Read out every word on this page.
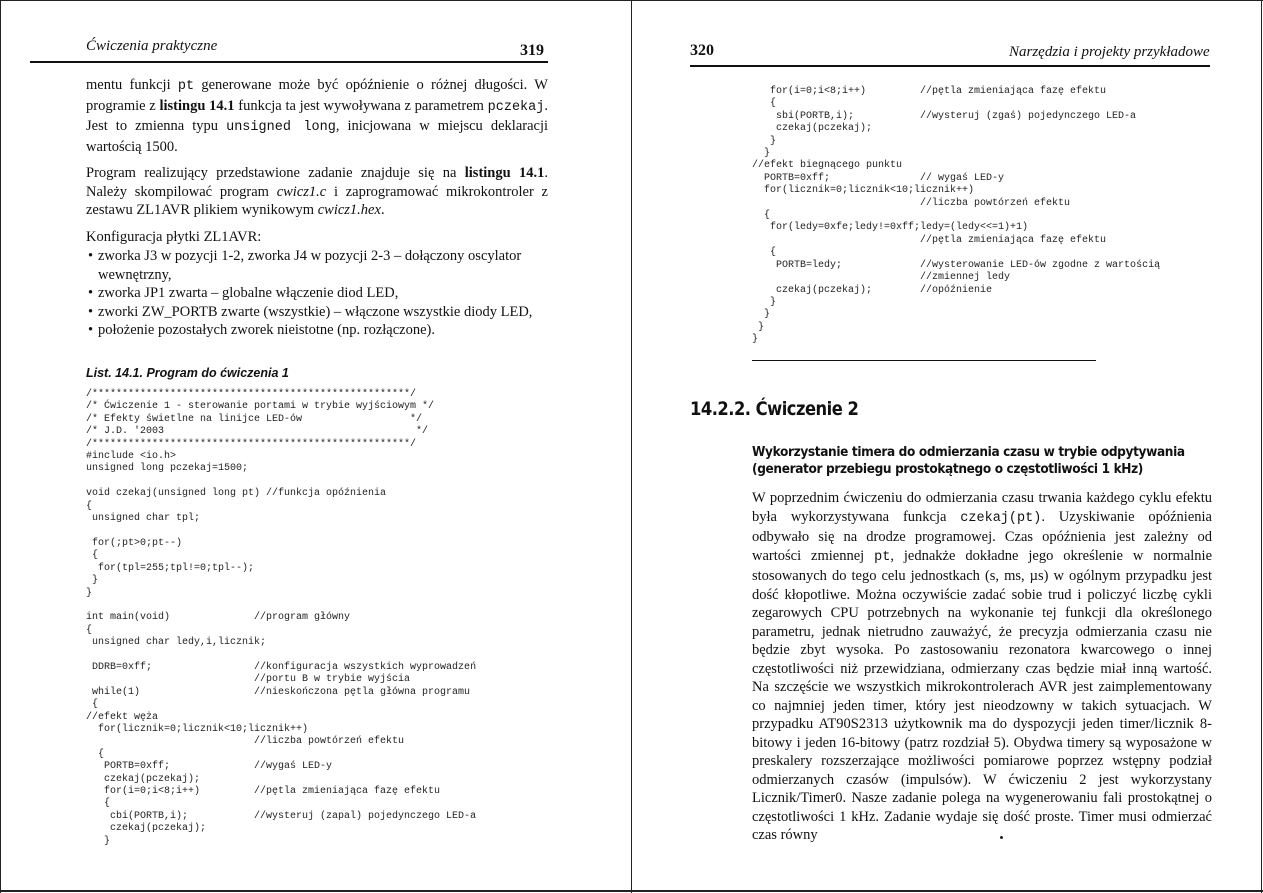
Ćwiczenia praktyczne	319

mentu funkcji pt generowane może być opóźnienie o różnej długości. W programie z listingu 14.1 funkcja ta jest wywoływana z parametrem pczekaj. Jest to zmienna typu unsigned long, inicjowana w miejscu deklaracji wartością 1500.

Program realizujący przedstawione zadanie znajduje się na listingu 14.1. Należy skompilować program cwicz1.c i zaprogramować mikrokontroler z zestawu ZL1AVR plikiem wynikowym cwicz1.hex.

Konfiguracja płytki ZL1AVR:

• zworka J3 w pozycji 1-2, zworka J4 w pozycji 2-3 – dołączony oscylator wewnętrzny,
• zworka JP1 zwarta – globalne włączenie diod LED,
• zworki ZW_PORTB zwarte (wszystkie) – włączone wszystkie diody LED,
• położenie pozostałych zworek nieistotne (np. rozłączone).
List. 14.1. Program do ćwiczenia 1
/*****************************************************/
/* Ćwiczenie 1 - sterowanie portami w trybie wyjściowym */
/* Efekty świetlne na linijce LED-ów                  */
/* J.D. '2003                                          */
/*****************************************************/
#include <io.h>
unsigned long pczekaj=1500;

void czekaj(unsigned long pt) //funkcja opóźnienia
{
unsigned char tpl;

for(;pt>0;pt--)
{
for(tpl=255;tpl!=0;tpl--);
}
}

int main(void)              //program główny
{
unsigned char ledy,i,licznik;

DDRB=0xff;                 //konfiguracja wszystkich wyprowadzeń
//portu B w trybie wyjścia
while(1)                   //nieskończona pętla główna programu
{
//efekt węża
for(licznik=0;licznik<10;licznik++)
//liczba powtórzeń efektu
{
PORTB=0xff;              //wygaś LED-y
czekaj(pczekaj);
for(i=0;i<8;i++)         //pętla zmieniająca fazę efektu
{
cbi(PORTB,i);           //wysteruj (zapal) pojedynczego LED-a
czekaj(pczekaj);
}
320	Narzędzia i projekty przykładowe
for(i=0;i<8;i++)         //pętla zmieniająca fazę efektu
{
sbi(PORTB,i);           //wysteruj (zgaś) pojedynczego LED-a
czekaj(pczekaj);
}
}
//efekt biegnącego punktu
PORTB=0xff;               // wygaś LED-y
for(licznik=0;licznik<10;licznik++)
//liczba powtórzeń efektu
{
for(ledy=0xfe;ledy!=0xff;ledy=(ledy<<=1)+1)
//pętla zmieniająca fazę efektu
{
PORTB=ledy;             //wysterowanie LED-ów zgodne z wartością
//zmiennej ledy
czekaj(pczekaj);        //opóźnienie
}
}
}
}
14.2.2. Ćwiczenie 2
Wykorzystanie timera do odmierzania czasu w trybie odpytywania
(generator przebiegu prostokątnego o częstotliwości 1 kHz)

W poprzednim ćwiczeniu do odmierzania czasu trwania każdego cyklu efektu była wykorzystywana funkcja czekaj(pt). Uzyskiwanie opóźnienia odbywało się na drodze programowej. Czas opóźnienia jest zależny od wartości zmiennej pt, jednakże dokładne jego określenie w normalnie stosowanych do tego celu jednostkach (s, ms, µs) w ogólnym przypadku jest dość kłopotliwe. Można oczywiście zadać sobie trud i policzyć liczbę cykli zegarowych CPU potrzebnych na wykonanie tej funkcji dla określonego parametru, jednak nietrudno zauważyć, że precyzja odmierzania czasu nie będzie zbyt wysoka. Po zastosowaniu rezonatora kwarcowego o innej częstotliwości niż przewidziana, odmierzany czas będzie miał inną wartość. Na szczęście we wszystkich mikrokontrolerach AVR jest zaimplementowany co najmniej jeden timer, który jest nieodzowny w takich sytuacjach. W przypadku AT90S2313 użytkownik ma do dyspozycji jeden timer/licznik 8-bitowy i jeden 16-bitowy (patrz rozdział 5). Obydwa timery są wyposażone w preskalery rozszerzające możliwości pomiarowe poprzez wstępny podział odmierzanych czasów (impulsów). W ćwiczeniu 2 jest wykorzystany Licznik/Timer0. Nasze zadanie polega na wygenerowaniu fali prostokątnej o częstotliwości 1 kHz. Zadanie wydaje się dość proste. Timer musi odmierzać czas równy
